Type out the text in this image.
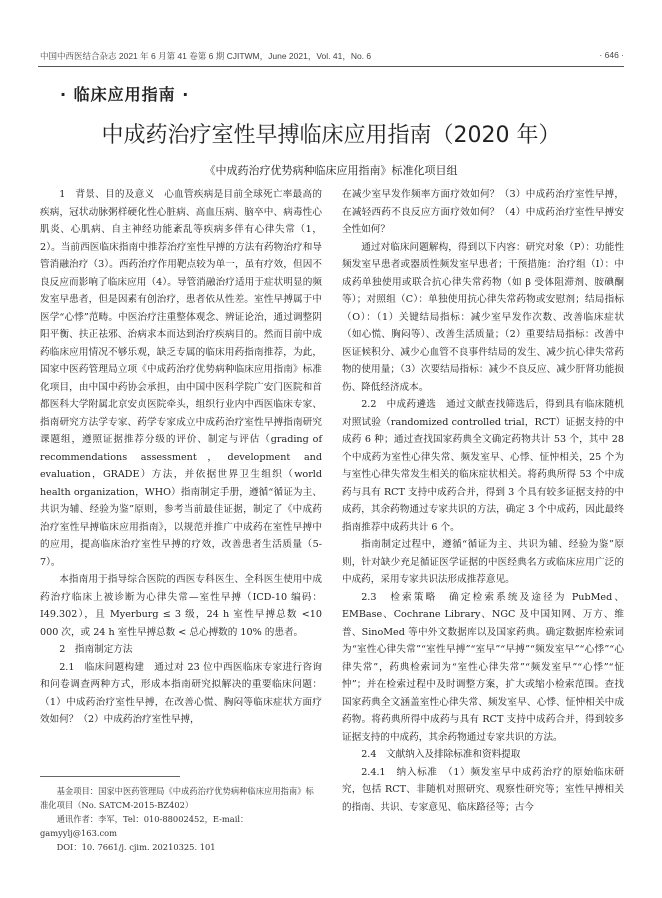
中国中西医结合杂志 2021 年 6 月第 41 卷第 6 期 CJITWM，June 2021，Vol. 41，No. 6	· 646 ·
· 临床应用指南 ·
中成药治疗室性早搏临床应用指南（2020 年）
《中成药治疗优势病种临床应用指南》标准化项目组

1　背景、目的及意义　心血管疾病是目前全球死亡率最高的疾病，冠状动脉粥样硬化性心脏病、高血压病、脑卒中、病毒性心肌炎、心肌病、自主神经功能紊乱等疾病多伴有心律失常（1，2）。当前西医临床指南中推荐治疗室性早搏的方法有药物治疗和导管消融治疗（3）。西药治疗作用靶点较为单一，虽有疗效，但因不良反应而影响了临床应用（4）。导管消融治疗适用于症状明显的频发室早患者，但是因素有创治疗，患者依从性差。室性早搏属于中医学“心悸”范畴。中医治疗注重整体观念、辨证论治，通过调整阴阳平衡、扶正祛邪、治病求本而达到治疗疾病目的。然而目前中成药临床应用情况不够乐观，缺乏专属的临床用药指南推荐，为此，国家中医药管理局立项《中成药治疗优势病种临床应用指南》标准化项目，由中国中药协会承担，由中国中医科学院广安门医院和首都医科大学附属北京安贞医院牵头，组织行业内中西医临床专家、指南研究方法学专家、药学专家成立中成药治疗室性早搏指南研究课题组，遵照证据推荐分级的评价、制定与评估（grading of recommendations assessment，development and evaluation，GRADE）方法，并依据世界卫生组织（world health organization，WHO）指南制定手册，遵循“循证为主、共识为辅、经验为鉴”原则，参考当前最佳证据，制定了《中成药治疗室性早搏临床应用指南》，以规范并推广中成药在室性早搏中的应用，提高临床治疗室性早搏的疗效，改善患者生活质量（5-7）。

本指南用于指导综合医院的西医专科医生、全科医生使用中成药治疗临床上被诊断为心律失常—室性早搏（ICD-10 编码：I49.302），且 Myerburg ≤ 3 级，24 h 室性早搏总数 <10 000 次，或 24 h 室性早搏总数 < 总心搏数的 10% 的患者。

2　指南制定方法

2.1　临床问题构建　通过对 23 位中西医临床专家进行咨询和问卷调查两种方式，形成本指南研究拟解决的重要临床问题：（1）中成药治疗室性早搏，在改善心慌、胸闷等临床症状方面疗效如何？（2）中成药治疗室性早搏，

在减少室早发作频率方面疗效如何？（3）中成药治疗室性早搏，在减轻西药不良反应方面疗效如何？（4）中成药治疗室性早搏安全性如何？

通过对临床问题解构，得到以下内容：研究对象（P）：功能性频发室早患者或器质性频发室早患者；干预措施：治疗组（I）：中成药单独使用或联合抗心律失常药物（如 β 受体阻滞剂、胺碘酮等）；对照组（C）：单独使用抗心律失常药物或安慰剂；结局指标（O）：（1）关键结局指标：减少室早发作次数、改善临床症状（如心慌、胸闷等）、改善生活质量；（2）重要结局指标：改善中医证候积分、减少心血管不良事件结局的发生、减少抗心律失常药物的使用量；（3）次要结局指标：减少不良反应、减少肝肾功能损伤、降低经济成本。

2.2　中成药遴选　通过文献查找筛选后，得到具有临床随机对照试验（randomized controlled trial，RCT）证据支持的中成药 6 种；通过查找国家药典全文确定药物共计 53 个，其中 28 个中成药为室性心律失常、频发室早、心悸、怔忡相关，25 个为与室性心律失常发生相关的临床症状相关。将药典所得 53 个中成药与具有 RCT 支持中成药合并，得到 3 个具有较多证据支持的中成药，其余药物通过专家共识的方法，确定 3 个中成药，因此最终指南推荐中成药共计 6 个。

指南制定过程中，遵循“循证为主、共识为辅、经验为鉴”原则，针对缺少充足循证医学证据的中医经典名方或临床应用广泛的中成药，采用专家共识法形成推荐意见。

2.3　检索策略　确定检索系统及途径为 PubMed、EMBase、Cochrane Library、NGC 及中国知网、万方、维普、SinoMed 等中外文数据库以及国家药典。确定数据库检索词为“室性心律失常”“室性早搏”“室早”“早搏”“频发室早”“心悸”“心律失常”，药典检索词为“室性心律失常”“频发室早”“心悸”“怔忡”；并在检索过程中及时调整方案，扩大或缩小检索范围。查找国家药典全文涵盖室性心律失常、频发室早、心悸、怔忡相关中成药物。将药典所得中成药与具有 RCT 支持中成药合并，得到较多证据支持的中成药，其余药物通过专家共识的方法。

2.4　文献纳入及排除标准和资料提取

2.4.1　纳入标准　（1）频发室早中成药治疗的原始临床研究，包括 RCT、非随机对照研究、观察性研究等；室性早搏相关的指南、共识、专家意见、临床路径等；古今

基金项目：国家中医药管理局《中成药治疗优势病种临床应用指南》标准化项目（No. SATCM-2015-BZ402）

通讯作者：李军，Tel：010-88002452，E-mail：gamyylj@163.com

DOI：10. 7661/j. cjim. 20210325. 101
